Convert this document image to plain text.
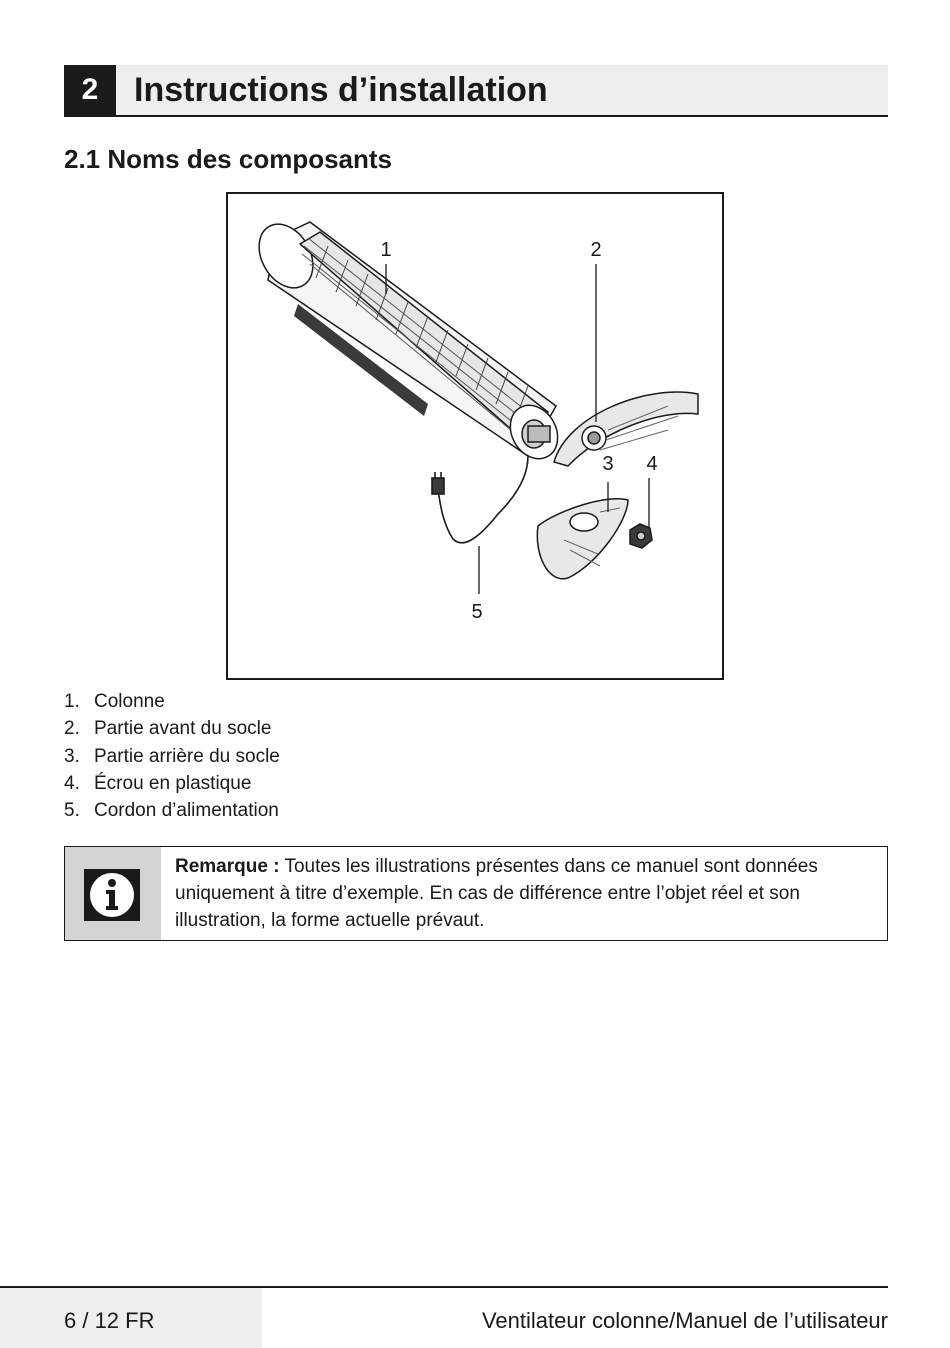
2	Instructions d’installation
2.1 Noms des composants
1	2
3 4
5
1. Colonne
2. Partie avant du socle
3. Partie arrière du socle
4. Écrou en plastique
5. Cordon d’alimentation
Remarque : Toutes les illustrations présentes dans ce manuel sont données uniquement à titre d’exemple. En cas de différence entre l’objet réel et son illustration, la forme actuelle prévaut.
6 / 12 FR	Ventilateur colonne/Manuel de l’utilisateur
